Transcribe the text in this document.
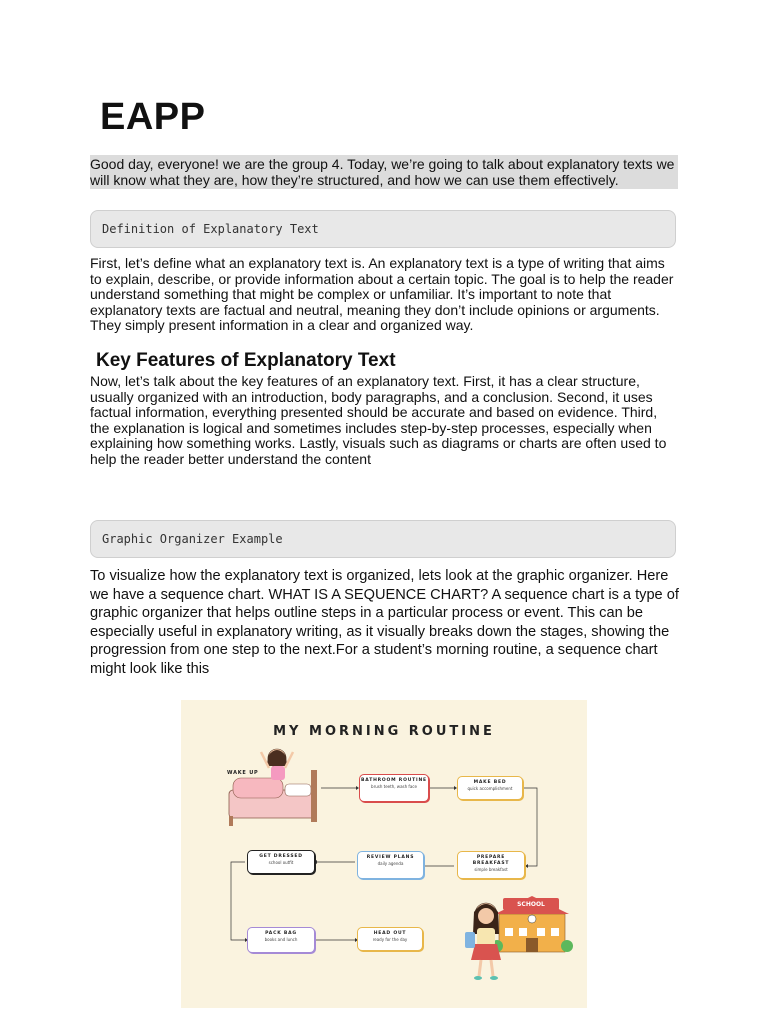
EAPP

Good day, everyone! we are the group 4. Today, we’re going to talk about explanatory texts we will know what they are, how they’re structured, and how we can use them effectively.

Definition of Explanatory Text

First, let’s define what an explanatory text is. An explanatory text is a type of writing that aims to explain, describe, or provide information about a certain topic. The goal is to help the reader understand something that might be complex or unfamiliar. It’s important to note that explanatory texts are factual and neutral, meaning they don’t include opinions or arguments. They simply present information in a clear and organized way.

Key Features of Explanatory Text

Now, let’s talk about the key features of an explanatory text. First, it has a clear structure, usually organized with an introduction, body paragraphs, and a conclusion. Second, it uses factual information, everything presented should be accurate and based on evidence. Third, the explanation is logical and sometimes includes step-by-step processes, especially when explaining how something works. Lastly, visuals such as diagrams or charts are often used to help the reader better understand the content

Graphic Organizer Example

To visualize how the explanatory text is organized, lets look at the graphic organizer. Here we have a sequence chart. WHAT IS A SEQUENCE CHART? A sequence chart is a type of graphic organizer that helps outline steps in a particular process or event. This can be especially useful in explanatory writing, as it visually breaks down the stages, showing the progression from one step to the next.For a student’s morning routine, a sequence chart might look like this

MY MORNING ROUTINE
WAKE UP
SCHOOL
BATHROOM ROUTINE
brush teeth, wash face
MAKE BED
quick accomplishment
PREPARE BREAKFAST
simple breakfast
REVIEW PLANS
daily agenda
GET DRESSED
school outfit
PACK BAG
books and lunch
HEAD OUT
ready for the day
